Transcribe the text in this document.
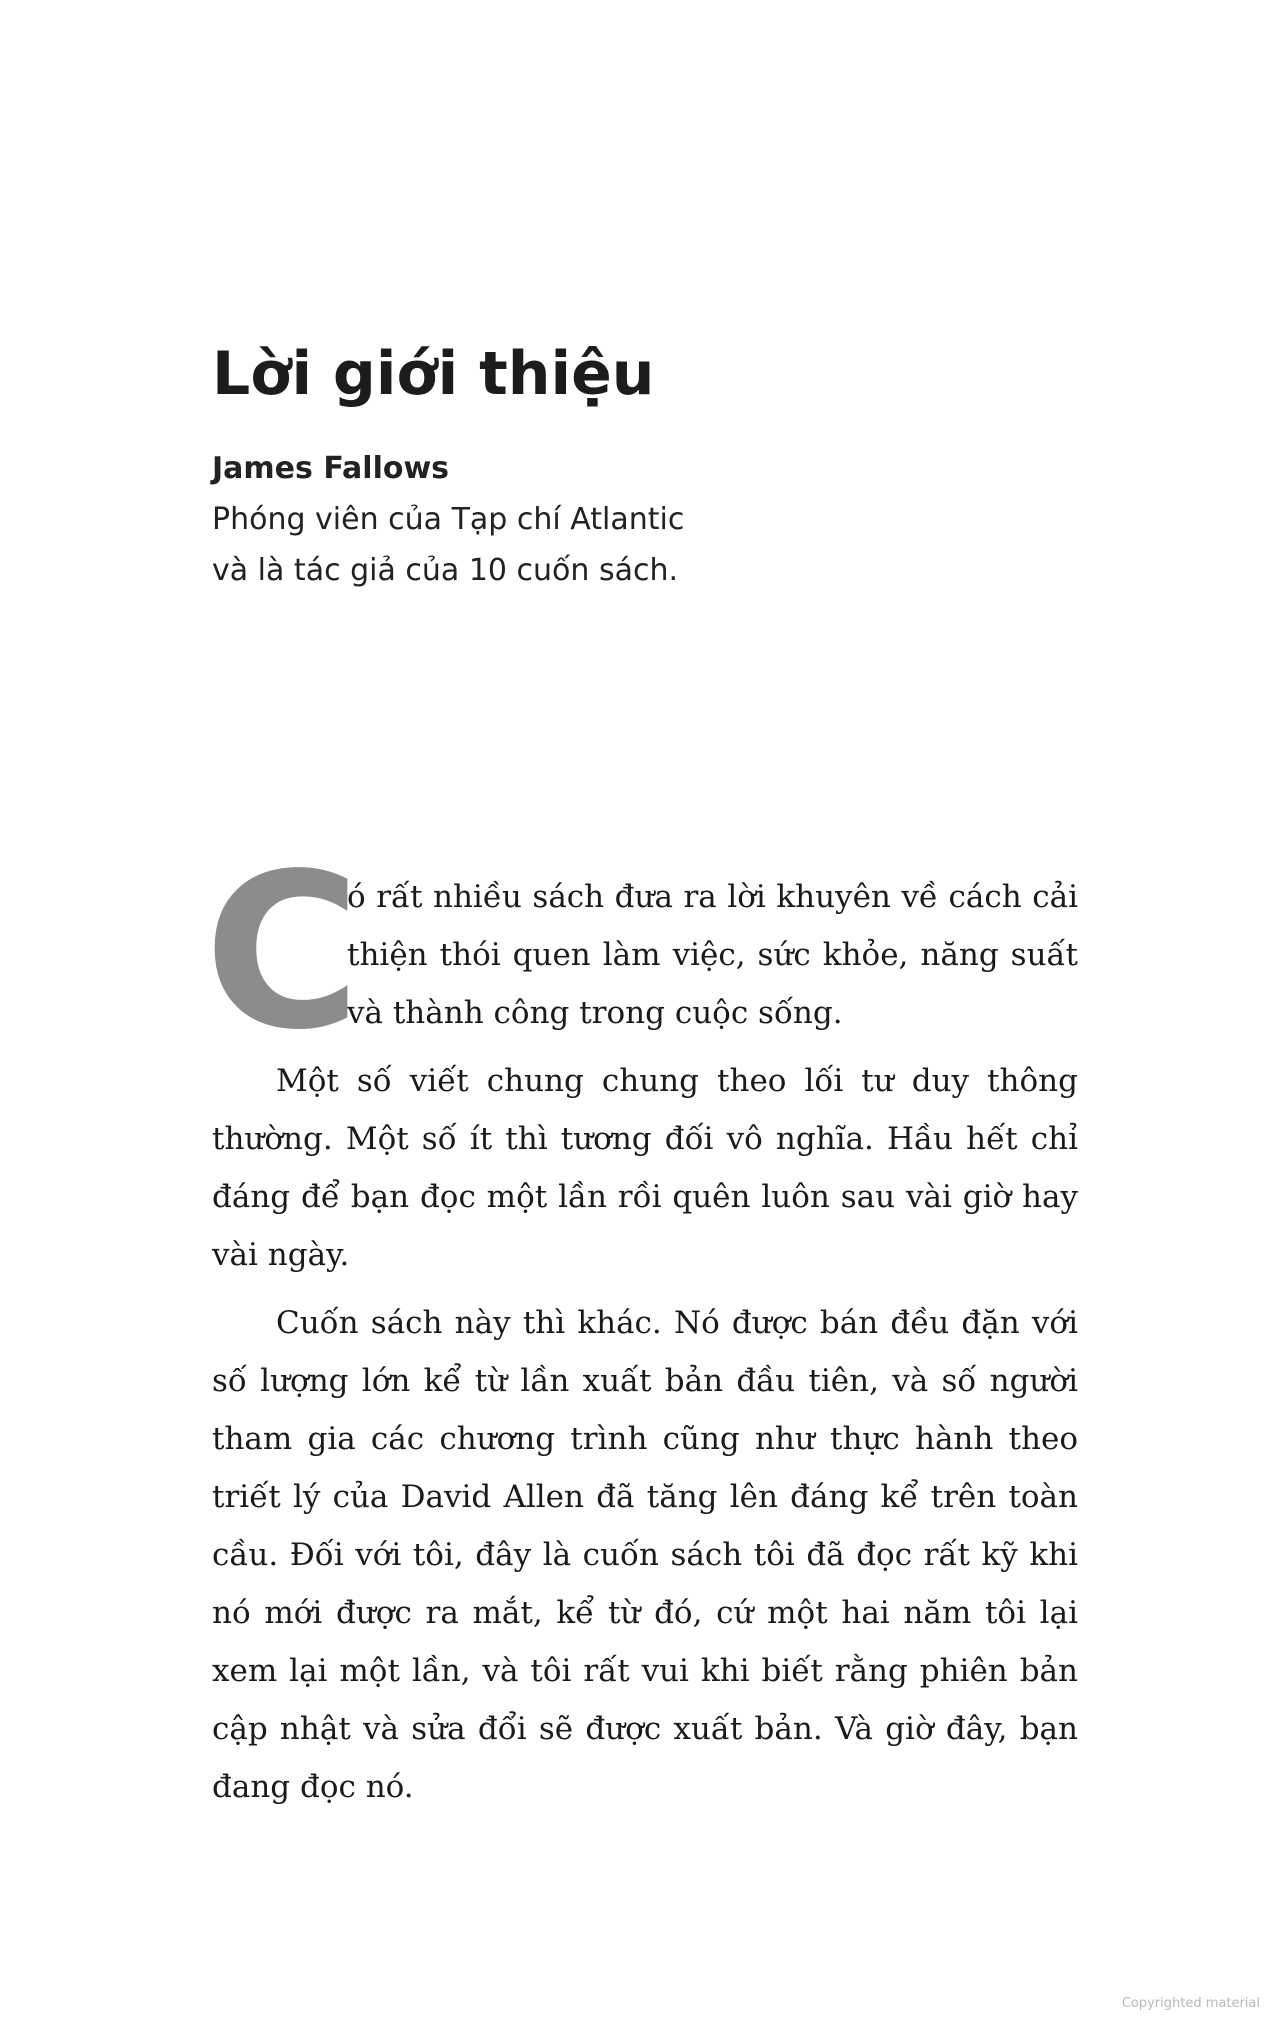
Lời giới thiệu
James Fallows
Phóng viên của Tạp chí Atlantic
và là tác giả của 10 cuốn sách.

C
ó rất nhiều sách đưa ra lời khuyên về cách cải thiện thói quen làm việc, sức khỏe, năng suất và thành công trong cuộc sống.

Một số viết chung chung theo lối tư duy thông thường. Một số ít thì tương đối vô nghĩa. Hầu hết chỉ đáng để bạn đọc một lần rồi quên luôn sau vài giờ hay vài ngày.

Cuốn sách này thì khác. Nó được bán đều đặn với số lượng lớn kể từ lần xuất bản đầu tiên, và số người tham gia các chương trình cũng như thực hành theo triết lý của David Allen đã tăng lên đáng kể trên toàn cầu. Đối với tôi, đây là cuốn sách tôi đã đọc rất kỹ khi nó mới được ra mắt, kể từ đó, cứ một hai năm tôi lại xem lại một lần, và tôi rất vui khi biết rằng phiên bản cập nhật và sửa đổi sẽ được xuất bản. Và giờ đây, bạn đang đọc nó.

Copyrighted material
